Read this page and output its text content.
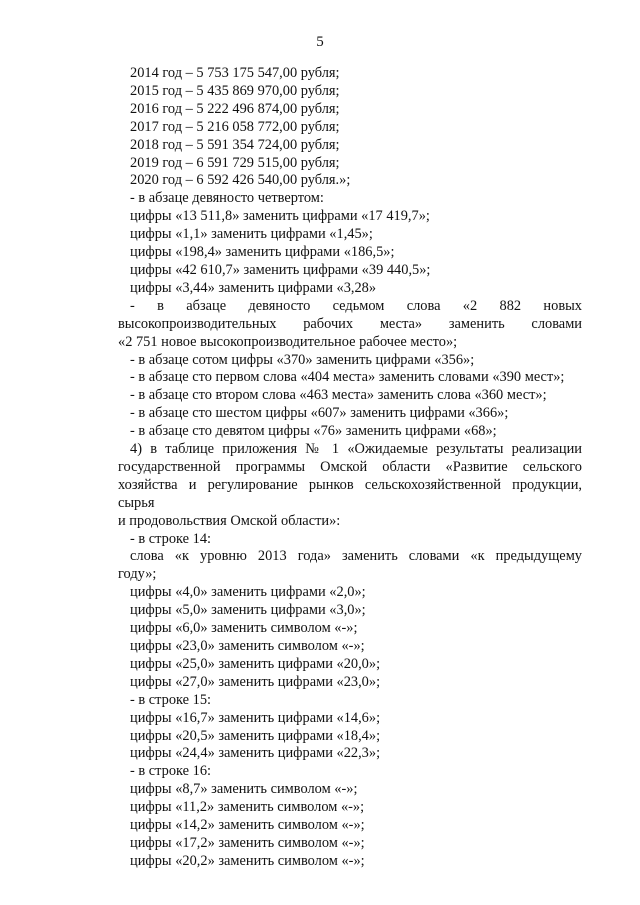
5
2014 год – 5 753 175 547,00 рубля;
2015 год – 5 435 869 970,00 рубля;
2016 год – 5 222 496 874,00 рубля;
2017 год – 5 216 058 772,00 рубля;
2018 год – 5 591 354 724,00 рубля;
2019 год – 6 591 729 515,00 рубля;
2020 год – 6 592 426 540,00 рубля.»;
- в абзаце девяносто четвертом:
цифры «13 511,8» заменить цифрами «17 419,7»;
цифры «1,1» заменить цифрами «1,45»;
цифры «198,4» заменить цифрами «186,5»;
цифры «42 610,7» заменить цифрами «39 440,5»;
цифры «3,44» заменить цифрами «3,28»
- в абзаце девяносто седьмом слова «2 882 новых
высокопроизводительных рабочих места» заменить словами
«2 751 новое высокопроизводительное рабочее место»;
- в абзаце сотом цифры «370» заменить цифрами «356»;
- в абзаце сто первом слова «404 места» заменить словами «390 мест»;
- в абзаце сто втором слова «463 места» заменить слова «360 мест»;
- в абзаце сто шестом цифры «607» заменить цифрами «366»;
- в абзаце сто девятом цифры «76» заменить цифрами «68»;
4) в таблице приложения № 1 «Ожидаемые результаты реализации
государственной программы Омской области «Развитие сельского
хозяйства и регулирование рынков сельскохозяйственной продукции, сырья
и продовольствия Омской области»:
- в строке 14:
слова «к уровню 2013 года» заменить словами «к предыдущему
году»;
цифры «4,0» заменить цифрами «2,0»;
цифры «5,0» заменить цифрами «3,0»;
цифры «6,0» заменить символом «-»;
цифры «23,0» заменить символом «-»;
цифры «25,0» заменить цифрами «20,0»;
цифры «27,0» заменить цифрами «23,0»;
- в строке 15:
цифры «16,7» заменить цифрами «14,6»;
цифры «20,5» заменить цифрами «18,4»;
цифры «24,4» заменить цифрами «22,3»;
- в строке 16:
цифры «8,7» заменить символом «-»;
цифры «11,2» заменить символом «-»;
цифры «14,2» заменить символом «-»;
цифры «17,2» заменить символом «-»;
цифры «20,2» заменить символом «-»;
